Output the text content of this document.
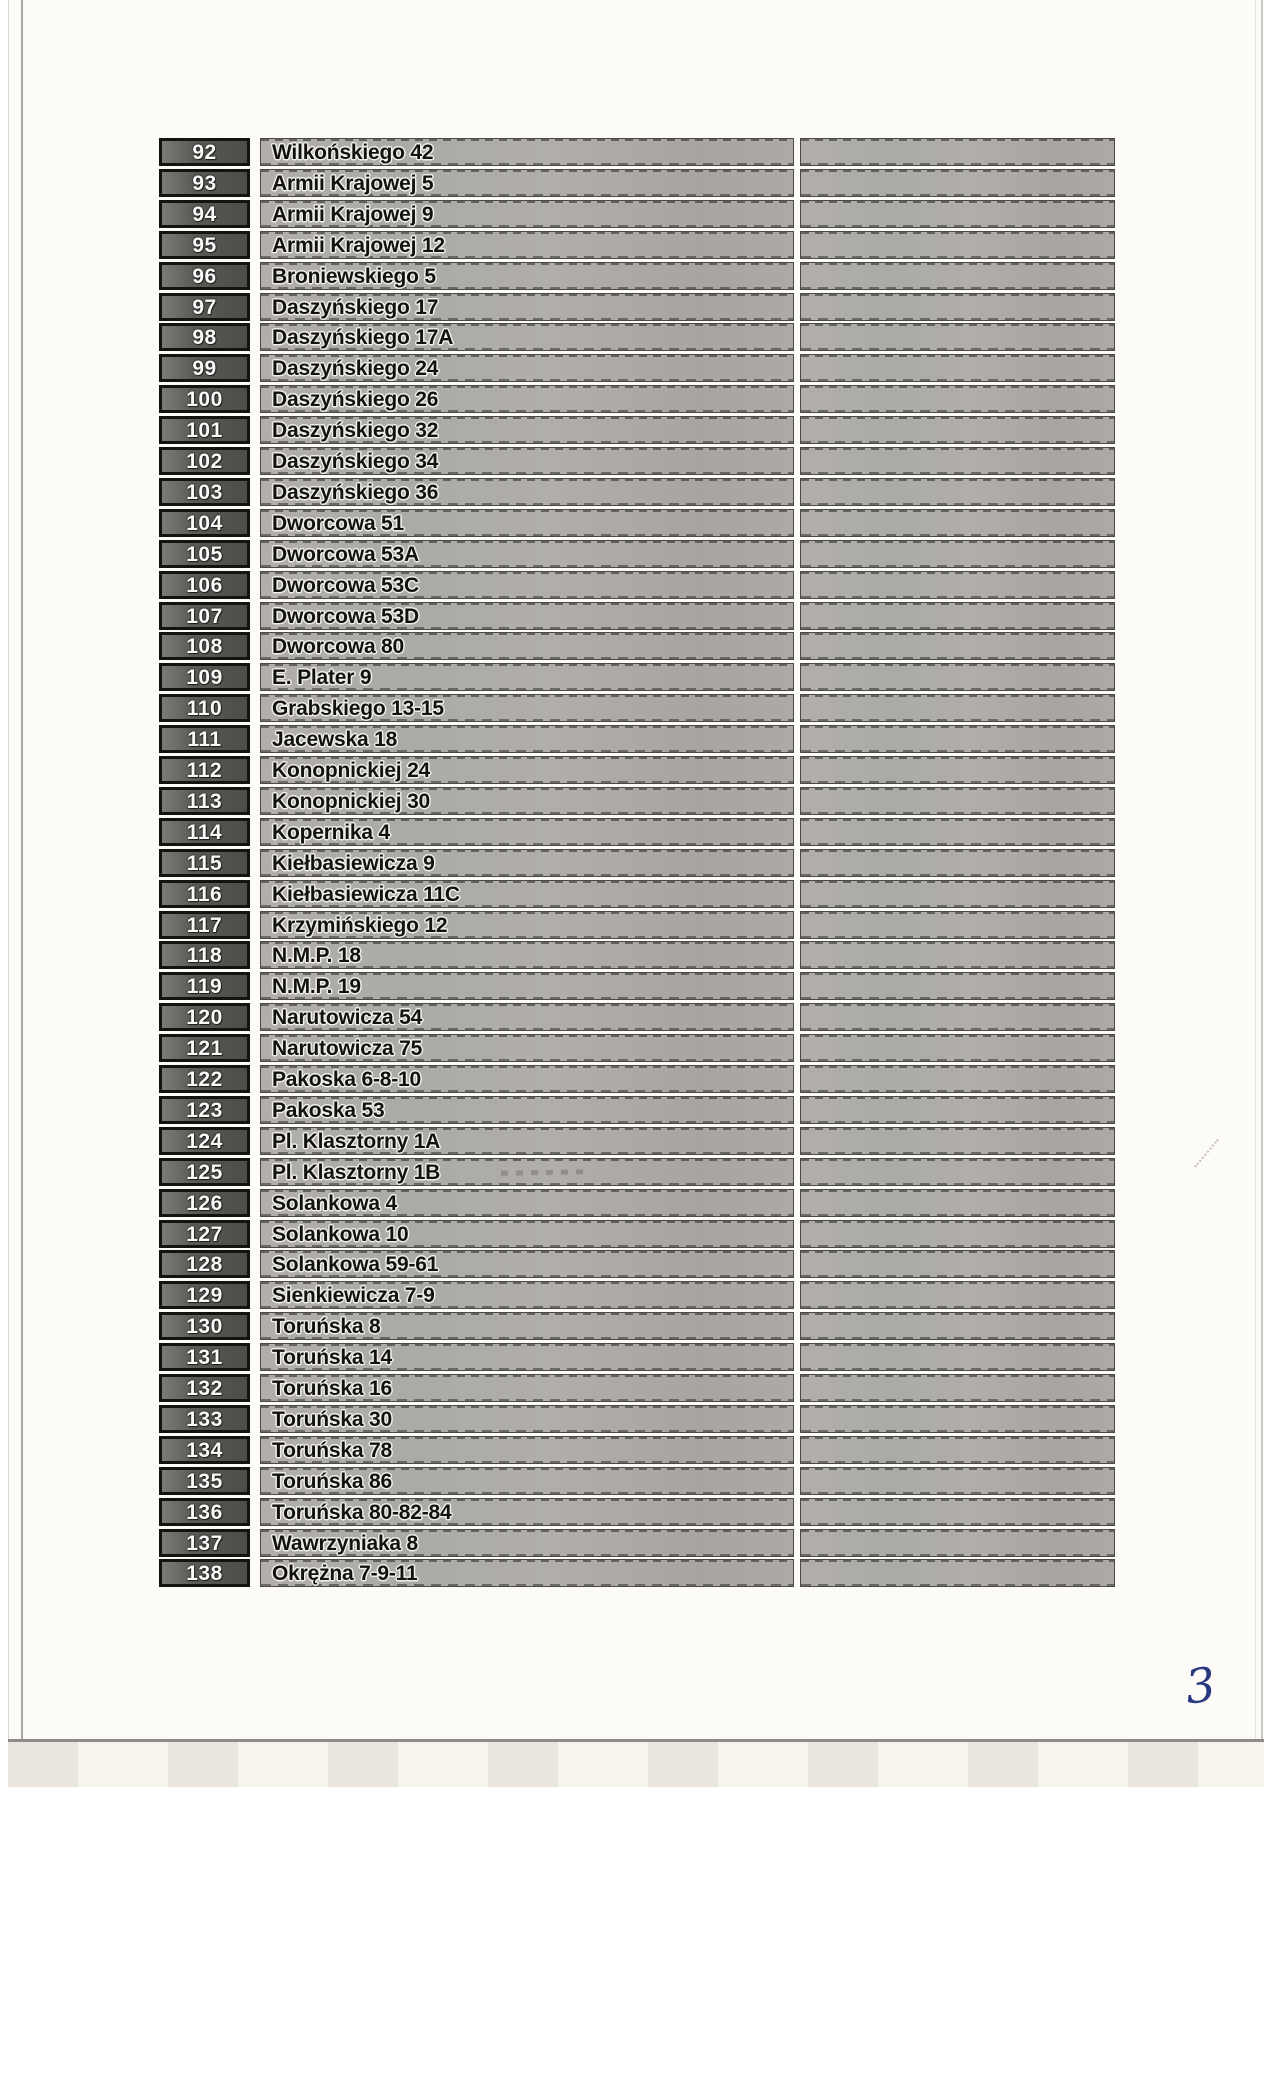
92	Wilkońskiego 42
93	Armii Krajowej 5
94	Armii Krajowej 9
95	Armii Krajowej 12
96	Broniewskiego 5
97	Daszyńskiego 17
98	Daszyńskiego 17A
99	Daszyńskiego 24
100 Daszyńskiego 26
101 Daszyńskiego 32
102 Daszyńskiego 34
103 Daszyńskiego 36
104 Dworcowa 51
105 Dworcowa 53A
106 Dworcowa 53C
107 Dworcowa 53D
108 Dworcowa 80
109 E. Plater 9
110 Grabskiego 13-15
111 Jacewska 18
112 Konopnickiej 24
113 Konopnickiej 30
114 Kopernika 4
115 Kiełbasiewicza 9
116 Kiełbasiewicza 11C
117 Krzymińskiego 12
118 N.M.P. 18
119 N.M.P. 19
120 Narutowicza 54
121 Narutowicza 75
122 Pakoska 6-8-10
123 Pakoska 53
124 Pl. Klasztorny 1A
125 Pl. Klasztorny 1B
126 Solankowa 4
127 Solankowa 10
128 Solankowa 59-61
129 Sienkiewicza 7-9
130 Toruńska 8
131 Toruńska 14
132 Toruńska 16
133 Toruńska 30
134 Toruńska 78
135 Toruńska 86
136 Toruńska 80-82-84
137 Wawrzyniaka 8
138 Okrężna 7-9-11
3
